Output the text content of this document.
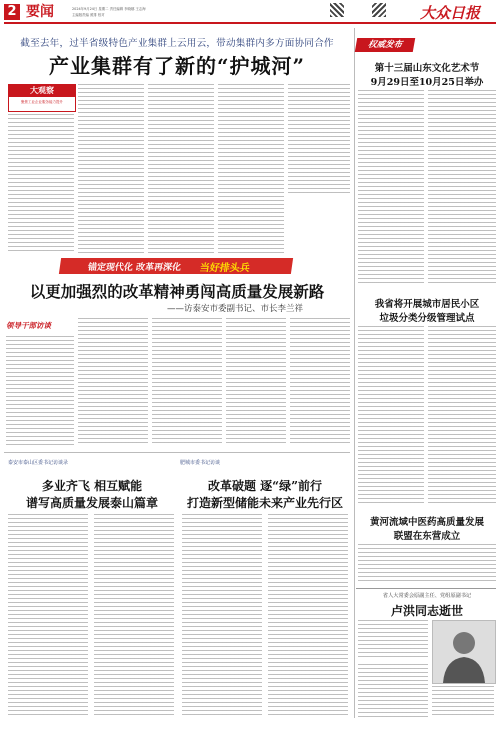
2 要闻	2024年9月24日 星期二 责任编辑 李晓娜 王志海
主编版责编 照排 校对	大众日报
截至去年，过半省级特色产业集群上云用云，带动集群内多方面协同合作
产业集群有了新的“护城河”
大观察
聚焦工业企业服务能力提升
锚定现代化 改革再深化 当好排头兵
以更加强烈的改革精神勇闯高质量发展新路
——访泰安市委副书记、市长李兰祥
领导干部访谈
泰安市泰山区委书记访谈录
多业齐飞 相互赋能
谱写高质量发展泰山篇章
肥城市委书记访谈
改革破题 逐“绿”前行
打造新型储能未来产业先行区
权威发布
第十三届山东文化艺术节
9月29日至10月25日举办
我省将开展城市居民小区
垃圾分类分级管理试点
黄河流域中医药高质量发展
联盟在东营成立
省人大常委会原副主任、党组原副书记
卢洪同志逝世
